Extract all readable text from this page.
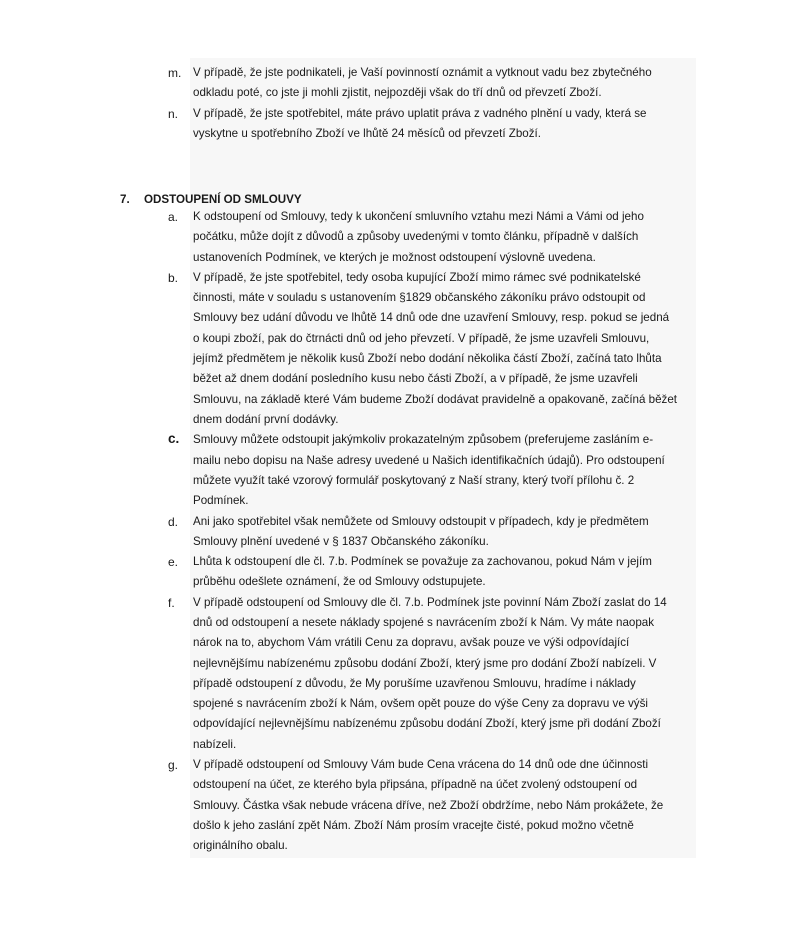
7. ODSTOUPENÍ OD SMLOUVY
m.	V případě, že jste podnikateli, je Vaší povinností oznámit a vytknout vadu bez zbytečného
odkladu poté, co jste ji mohli zjistit, nejpozději však do tří dnů od převzetí Zboží.
n.	V případě, že jste spotřebitel, máte právo uplatit práva z vadného plnění u vady, která se
vyskytne u spotřebního Zboží ve lhůtě 24 měsíců od převzetí Zboží.
a.	K odstoupení od Smlouvy, tedy k ukončení smluvního vztahu mezi Námi a Vámi od jeho
počátku, může dojít z důvodů a způsoby uvedenými v tomto článku, případně v dalších
ustanoveních Podmínek, ve kterých je možnost odstoupení výslovně uvedena.
b.	V případě, že jste spotřebitel, tedy osoba kupující Zboží mimo rámec své podnikatelské
činnosti, máte v souladu s ustanovením §1829 občanského zákoníku právo odstoupit od
Smlouvy bez udání důvodu ve lhůtě 14 dnů ode dne uzavření Smlouvy, resp. pokud se jedná
o koupi zboží, pak do čtrnácti dnů od jeho převzetí. V případě, že jsme uzavřeli Smlouvu,
jejímž předmětem je několik kusů Zboží nebo dodání několika částí Zboží, začíná tato lhůta
běžet až dnem dodání posledního kusu nebo části Zboží, a v případě, že jsme uzavřeli
Smlouvu, na základě které Vám budeme Zboží dodávat pravidelně a opakovaně, začíná běžet
dnem dodání první dodávky.
c.	Smlouvy můžete odstoupit jakýmkoliv prokazatelným způsobem (preferujeme zasláním e-
mailu nebo dopisu na Naše adresy uvedené u Našich identifikačních údajů). Pro odstoupení
můžete využít také vzorový formulář poskytovaný z Naší strany, který tvoří přílohu č. 2
Podmínek.
d.	Ani jako spotřebitel však nemůžete od Smlouvy odstoupit v případech, kdy je předmětem
Smlouvy plnění uvedené v § 1837 Občanského zákoníku.
e.	Lhůta k odstoupení dle čl. 7.b. Podmínek se považuje za zachovanou, pokud Nám v jejím
průběhu odešlete oznámení, že od Smlouvy odstupujete.
f.	V případě odstoupení od Smlouvy dle čl. 7.b. Podmínek jste povinní Nám Zboží zaslat do 14
dnů od odstoupení a nesete náklady spojené s navrácením zboží k Nám. Vy máte naopak
nárok na to, abychom Vám vrátili Cenu za dopravu, avšak pouze ve výši odpovídající
nejlevnějšímu nabízenému způsobu dodání Zboží, který jsme pro dodání Zboží nabízeli. V
případě odstoupení z důvodu, že My porušíme uzavřenou Smlouvu, hradíme i náklady
spojené s navrácením zboží k Nám, ovšem opět pouze do výše Ceny za dopravu ve výši
odpovídající nejlevnějšímu nabízenému způsobu dodání Zboží, který jsme při dodání Zboží
nabízeli.
g.	V případě odstoupení od Smlouvy Vám bude Cena vrácena do 14 dnů ode dne účinnosti
odstoupení na účet, ze kterého byla připsána, případně na účet zvolený odstoupení od
Smlouvy. Částka však nebude vrácena dříve, než Zboží obdržíme, nebo Nám prokážete, že
došlo k jeho zaslání zpět Nám. Zboží Nám prosím vracejte čisté, pokud možno včetně
originálního obalu.
